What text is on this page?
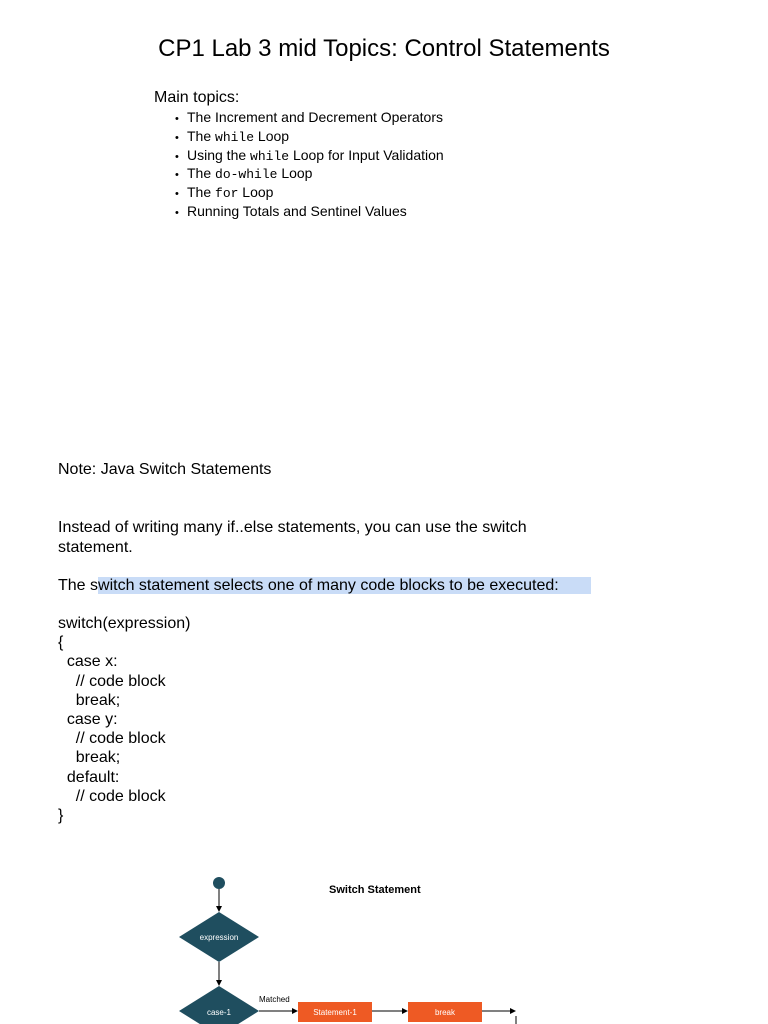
CP1 Lab 3 mid Topics: Control Statements
Main topics:
• The Increment and Decrement Operators
• The while Loop
• Using the while Loop for Input Validation
• The do-while Loop
• The for Loop
• Running Totals and Sentinel Values
Note: Java Switch Statements
Instead of writing many if..else statements, you can use the switch statement.
The switch statement selects one of many code blocks to be executed:
switch(expression)
{
case x:
// code block
break;
case y:
// code block
break;
default:
// code block
}
Switch Statement
expression
case-1
Matched
Statement-1	break
